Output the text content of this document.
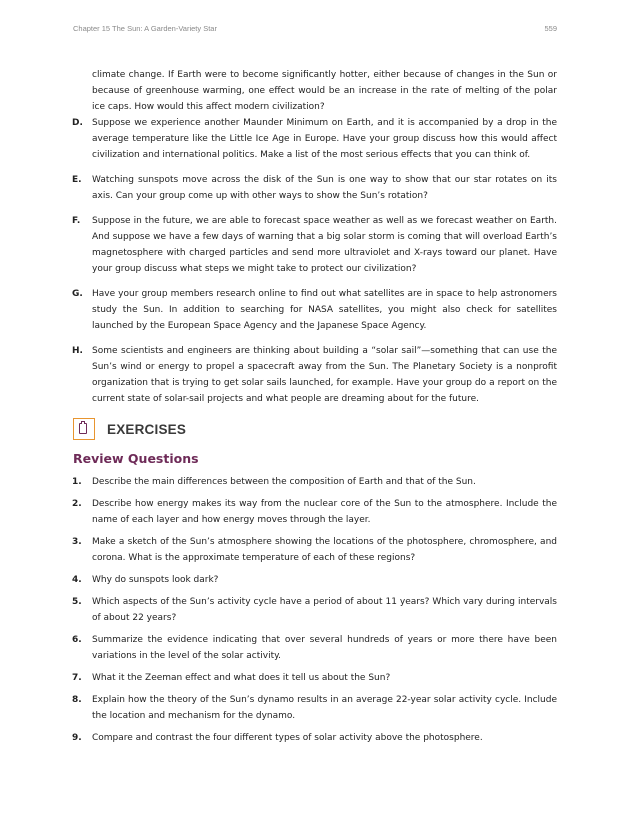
Chapter 15 The Sun: A Garden-Variety Star	559

climate change. If Earth were to become significantly hotter, either because of changes in the Sun or because of greenhouse warming, one effect would be an increase in the rate of melting of the polar ice caps. How would this affect modern civilization?

D. Suppose we experience another Maunder Minimum on Earth, and it is accompanied by a drop in the average temperature like the Little Ice Age in Europe. Have your group discuss how this would affect civilization and international politics. Make a list of the most serious effects that you can think of.
E. Watching sunspots move across the disk of the Sun is one way to show that our star rotates on its axis. Can your group come up with other ways to show the Sun’s rotation?
F. Suppose in the future, we are able to forecast space weather as well as we forecast weather on Earth. And suppose we have a few days of warning that a big solar storm is coming that will overload Earth’s magnetosphere with charged particles and send more ultraviolet and X-rays toward our planet. Have your group discuss what steps we might take to protect our civilization?
G. Have your group members research online to find out what satellites are in space to help astronomers study the Sun. In addition to searching for NASA satellites, you might also check for satellites launched by the European Space Agency and the Japanese Space Agency.
H. Some scientists and engineers are thinking about building a “solar sail”—something that can use the Sun’s wind or energy to propel a spacecraft away from the Sun. The Planetary Society is a nonprofit organization that is trying to get solar sails launched, for example. Have your group do a report on the current state of solar-sail projects and what people are dreaming about for the future.
EXERCISES
Review Questions
1. Describe the main differences between the composition of Earth and that of the Sun.
2. Describe how energy makes its way from the nuclear core of the Sun to the atmosphere. Include the name of each layer and how energy moves through the layer.
3. Make a sketch of the Sun’s atmosphere showing the locations of the photosphere, chromosphere, and corona. What is the approximate temperature of each of these regions?
4. Why do sunspots look dark?
5. Which aspects of the Sun’s activity cycle have a period of about 11 years? Which vary during intervals of about 22 years?
6. Summarize the evidence indicating that over several hundreds of years or more there have been variations in the level of the solar activity.
7. What it the Zeeman effect and what does it tell us about the Sun?
8. Explain how the theory of the Sun’s dynamo results in an average 22-year solar activity cycle. Include the location and mechanism for the dynamo.
9. Compare and contrast the four different types of solar activity above the photosphere.
